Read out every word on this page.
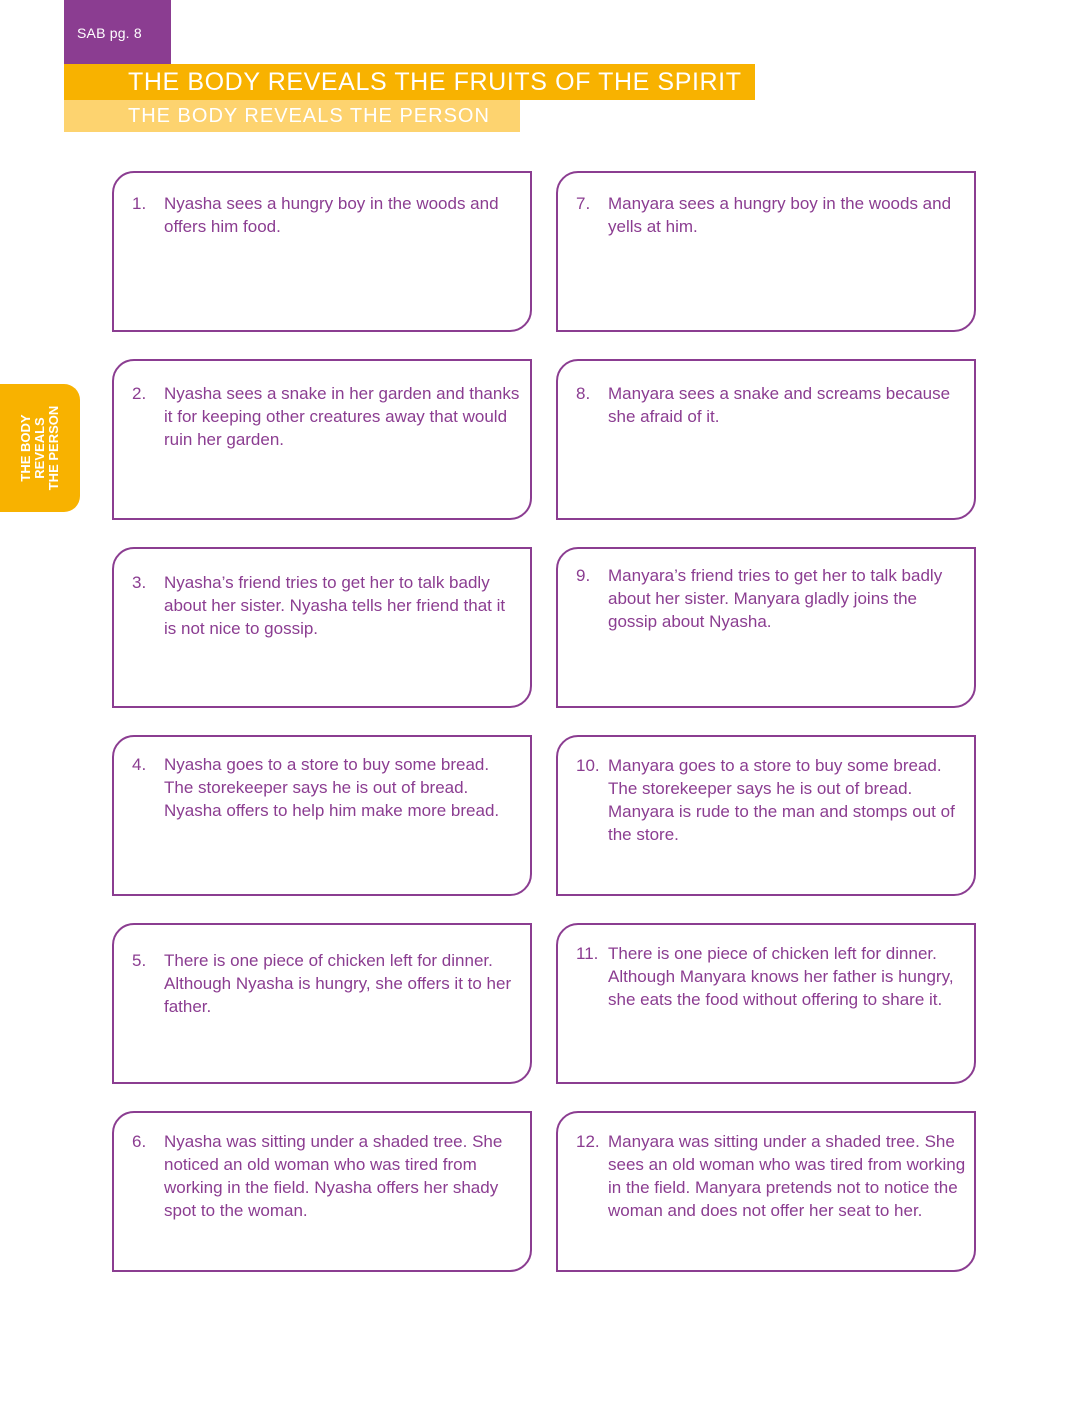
SAB pg. 8
THE BODY REVEALS THE FRUITS OF THE SPIRIT
THE BODY REVEALS THE PERSON
THE BODY REVEALS THE PERSON
1. Nyasha sees a hungry boy in the woods and offers him food.
2. Nyasha sees a snake in her garden and thanks it for keeping other creatures away that would ruin her garden.
3. Nyasha’s friend tries to get her to talk badly about her sister. Nyasha tells her friend that it is not nice to gossip.
4. Nyasha goes to a store to buy some bread. The storekeeper says he is out of bread. Nyasha offers to help him make more bread.
5. There is one piece of chicken left for dinner. Although Nyasha is hungry, she offers it to her father.
6. Nyasha was sitting under a shaded tree. She noticed an old woman who was tired from working in the field. Nyasha offers her shady spot to the woman.
7. Manyara sees a hungry boy in the woods and yells at him.
8. Manyara sees a snake and screams because she afraid of it.
9. Manyara’s friend tries to get her to talk badly about her sister. Manyara gladly joins the gossip about Nyasha.
10. Manyara goes to a store to buy some bread. The storekeeper says he is out of bread. Manyara is rude to the man and stomps out of the store.
11. There is one piece of chicken left for dinner. Although Manyara knows her father is hungry, she eats the food without offering to share it.
12. Manyara was sitting under a shaded tree. She sees an old woman who was tired from working in the field. Manyara pretends not to notice the woman and does not offer her seat to her.
